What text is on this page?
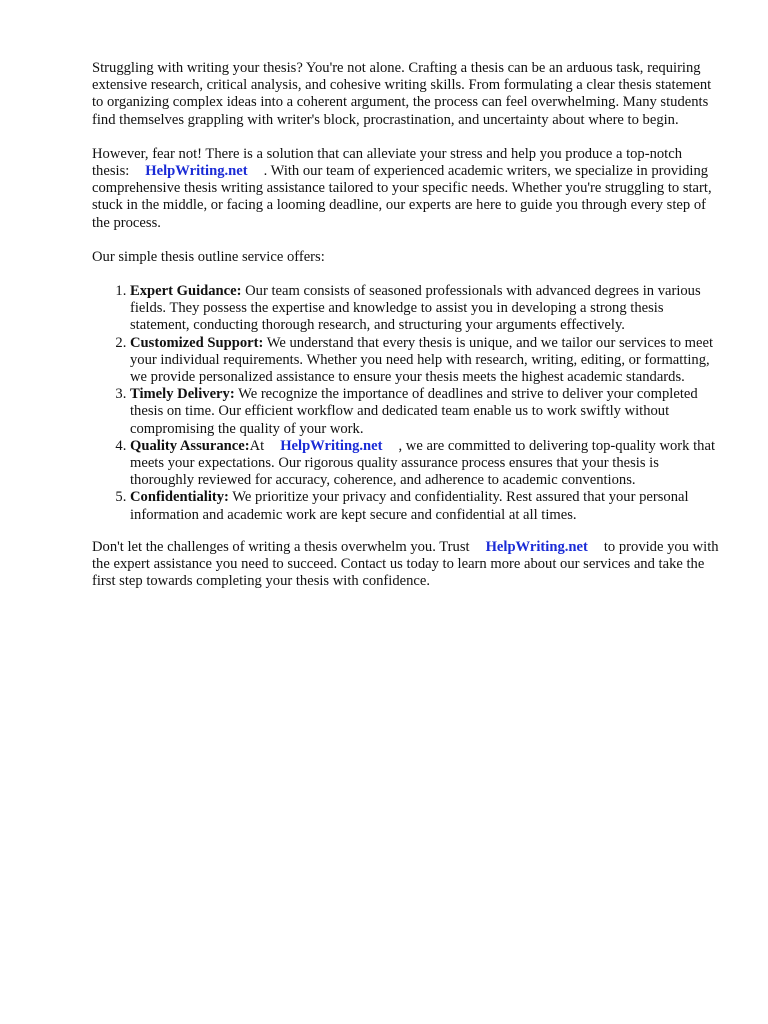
Struggling with writing your thesis? You're not alone. Crafting a thesis can be an arduous task, requiring extensive research, critical analysis, and cohesive writing skills. From formulating a clear thesis statement to organizing complex ideas into a coherent argument, the process can feel overwhelming. Many students find themselves grappling with writer's block, procrastination, and uncertainty about where to begin.

However, fear not! There is a solution that can alleviate your stress and help you produce a top-notch thesis: HelpWriting.net . With our team of experienced academic writers, we specialize in providing comprehensive thesis writing assistance tailored to your specific needs. Whether you're struggling to start, stuck in the middle, or facing a looming deadline, our experts are here to guide you through every step of the process.

Our simple thesis outline service offers:

1. Expert Guidance: Our team consists of seasoned professionals with advanced degrees in various fields. They possess the expertise and knowledge to assist you in developing a strong thesis statement, conducting thorough research, and structuring your arguments effectively.
2. Customized Support: We understand that every thesis is unique, and we tailor our services to meet your individual requirements. Whether you need help with research, writing, editing, or formatting, we provide personalized assistance to ensure your thesis meets the highest academic standards.
3. Timely Delivery: We recognize the importance of deadlines and strive to deliver your completed thesis on time. Our efficient workflow and dedicated team enable us to work swiftly without compromising the quality of your work.
4. Quality Assurance:At HelpWriting.net , we are committed to delivering top-quality work that meets your expectations. Our rigorous quality assurance process ensures that your thesis is thoroughly reviewed for accuracy, coherence, and adherence to academic conventions.
5. Confidentiality: We prioritize your privacy and confidentiality. Rest assured that your personal information and academic work are kept secure and confidential at all times.

Don't let the challenges of writing a thesis overwhelm you. Trust HelpWriting.net to provide you with the expert assistance you need to succeed. Contact us today to learn more about our services and take the first step towards completing your thesis with confidence.
